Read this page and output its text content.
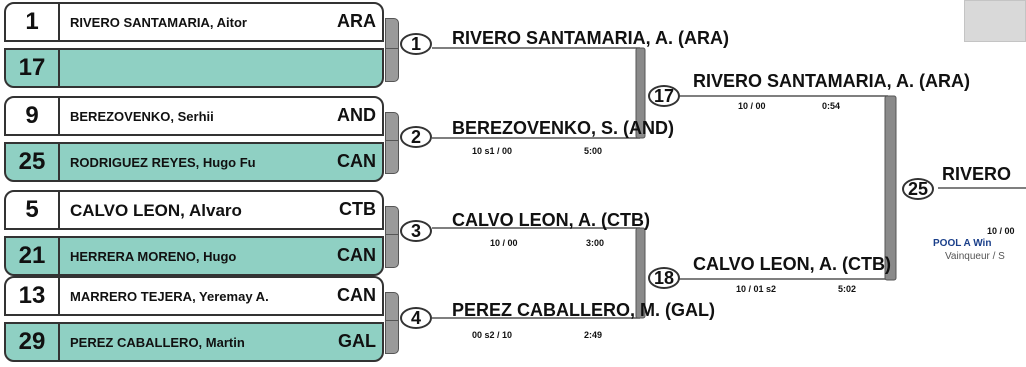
1	RIVERO SANTAMARIA, Aitor	ARA
17
9	BEREZOVENKO, Serhii	AND
25	RODRIGUEZ REYES, Hugo Fu	CAN
5	CALVO LEON, Alvaro	CTB
21	HERRERA MORENO, Hugo	CAN
13	MARRERO TEJERA, Yeremay A.	CAN
29	PEREZ CABALLERO, Martin	GAL
1	RIVERO SANTAMARIA, A. (ARA)
2	BEREZOVENKO, S. (AND)
10 s1 / 00	5:00
3
CALVO LEON, A. (CTB)
10 / 00	3:00
4	PEREZ CABALLERO, M. (GAL)
00 s2 / 10	2:49
17
RIVERO SANTAMARIA, A. (ARA)
10 / 00	0:54
18
CALVO LEON, A. (CTB)
10 / 01 s2	5:02
25
RIVERO
10 / 00
POOL A Win
Vainqueur / S
